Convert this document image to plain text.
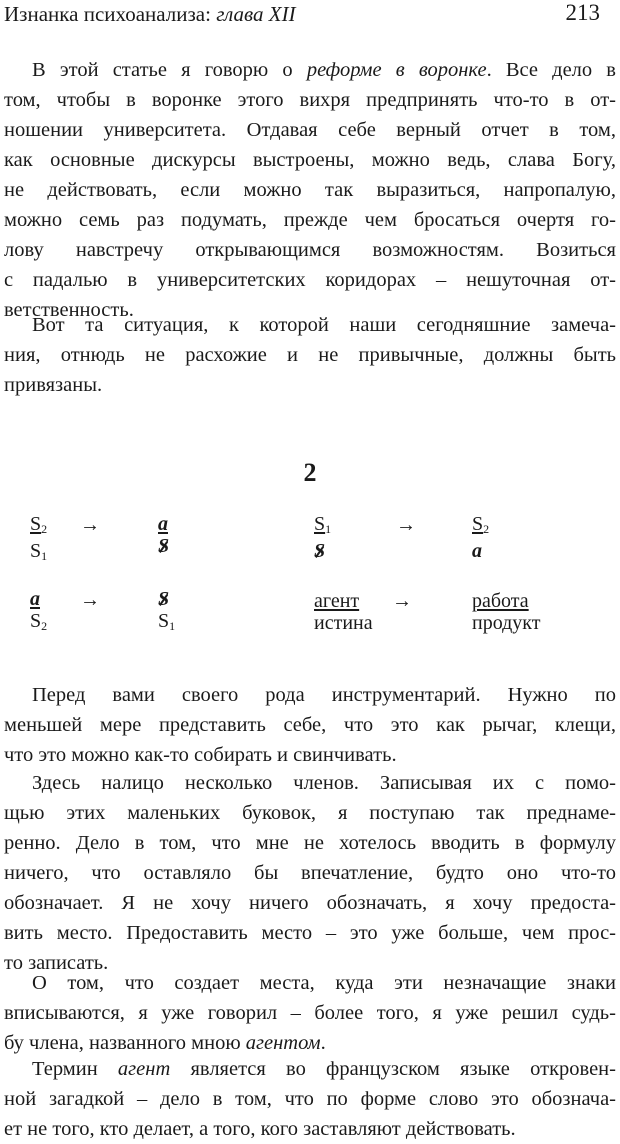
Изнанка психоанализа: глава XII	213
В этой статье я говорю о реформе в воронке. Все дело в
том, чтобы в воронке этого вихря предпринять что-то в от-
ношении университета. Отдавая себе верный отчет в том,
как основные дискурсы выстроены, можно ведь, слава Богу,
не действовать, если можно так выразиться, напропалую,
можно семь раз подумать, прежде чем бросаться очертя го-
лову навстречу открывающимся возможностям. Возиться
с падалью в университетских коридорах – нешуточная от-
ветственность.
Вот та ситуация, к которой наши сегодняшние замеча-
ния, отнюдь не расхожие и не привычные, должны быть
привязаны.
2
$\frac{S_2}{S_1}$ →	$\frac{a}{S}$	$\frac{S_1}{S}$	→	$\frac{S_2}{a}$
$\frac{a}{S_2}$ →	$\frac{S}{S_1}$	$\frac{\text{агент}}{\text{истина}}$ →	$\frac{\text{работа}}{\text{продукт}}$
Перед вами своего рода инструментарий. Нужно по
меньшей мере представить себе, что это как рычаг, клещи,
что это можно как-то собирать и свинчивать.
Здесь налицо несколько членов. Записывая их с помо-
щью этих маленьких буковок, я поступаю так преднаме-
ренно. Дело в том, что мне не хотелось вводить в формулу
ничего, что оставляло бы впечатление, будто оно что-то
обозначает. Я не хочу ничего обозначать, я хочу предоста-
вить место. Предоставить место – это уже больше, чем прос-
то записать.
О том, что создает места, куда эти незначащие знаки
вписываются, я уже говорил – более того, я уже решил судь-
бу члена, названного мною агентом.
Термин агент является во французском языке откровен-
ной загадкой – дело в том, что по форме слово это обознача-
ет не того, кто делает, а того, кого заставляют действовать.
